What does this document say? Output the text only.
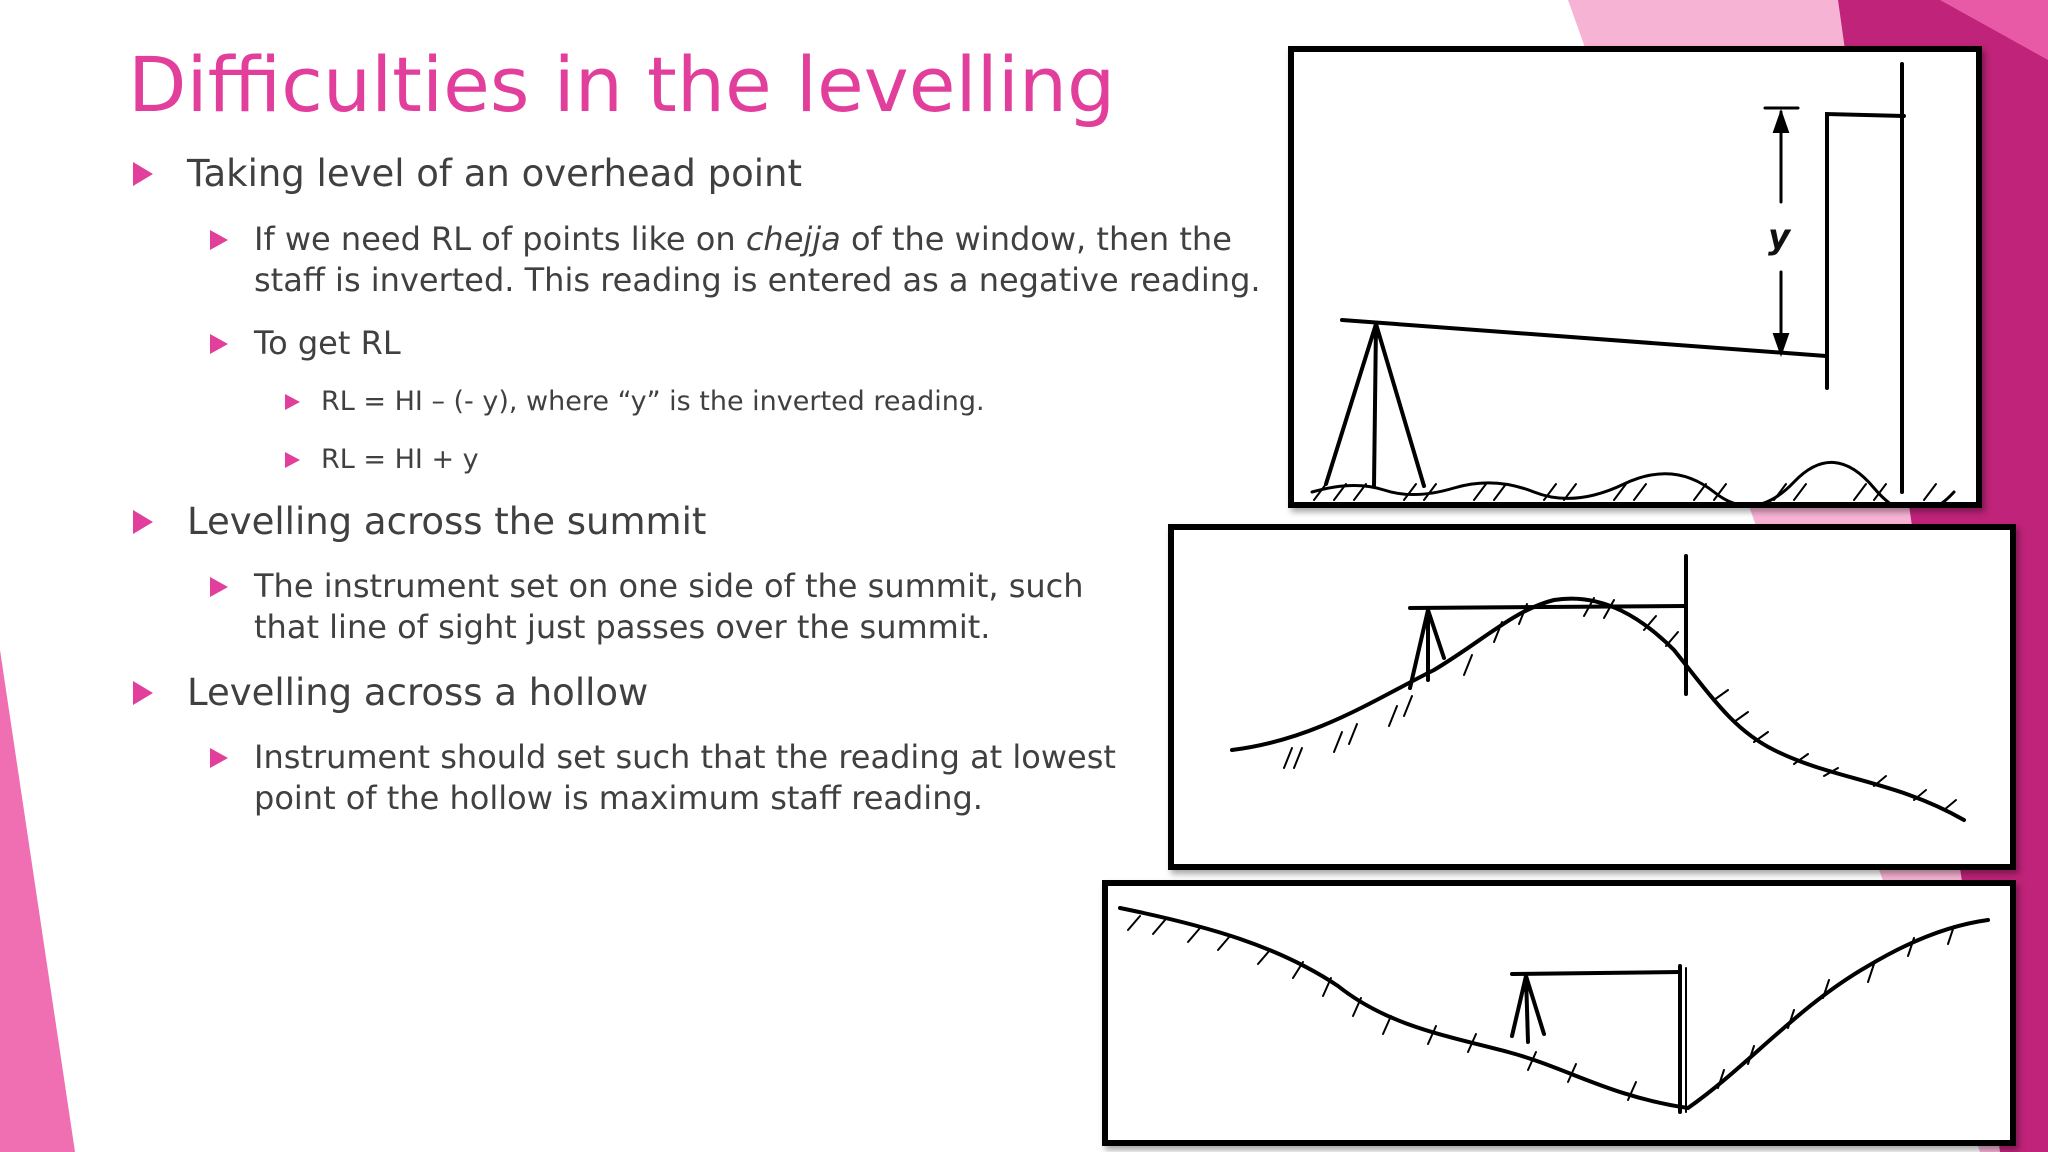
Difficulties in the levelling
Taking level of an overhead point
If we need RL of points like on chejja of the window, then the
staff is inverted. This reading is entered as a negative reading.
To get RL
RL = HI – (- y), where “y” is the inverted reading.
RL = HI + y
Levelling across the summit
The instrument set on one side of the summit, such
that line of sight just passes over the summit.
Levelling across a hollow
Instrument should set such that the reading at lowest
point of the hollow is maximum staff reading.
y
